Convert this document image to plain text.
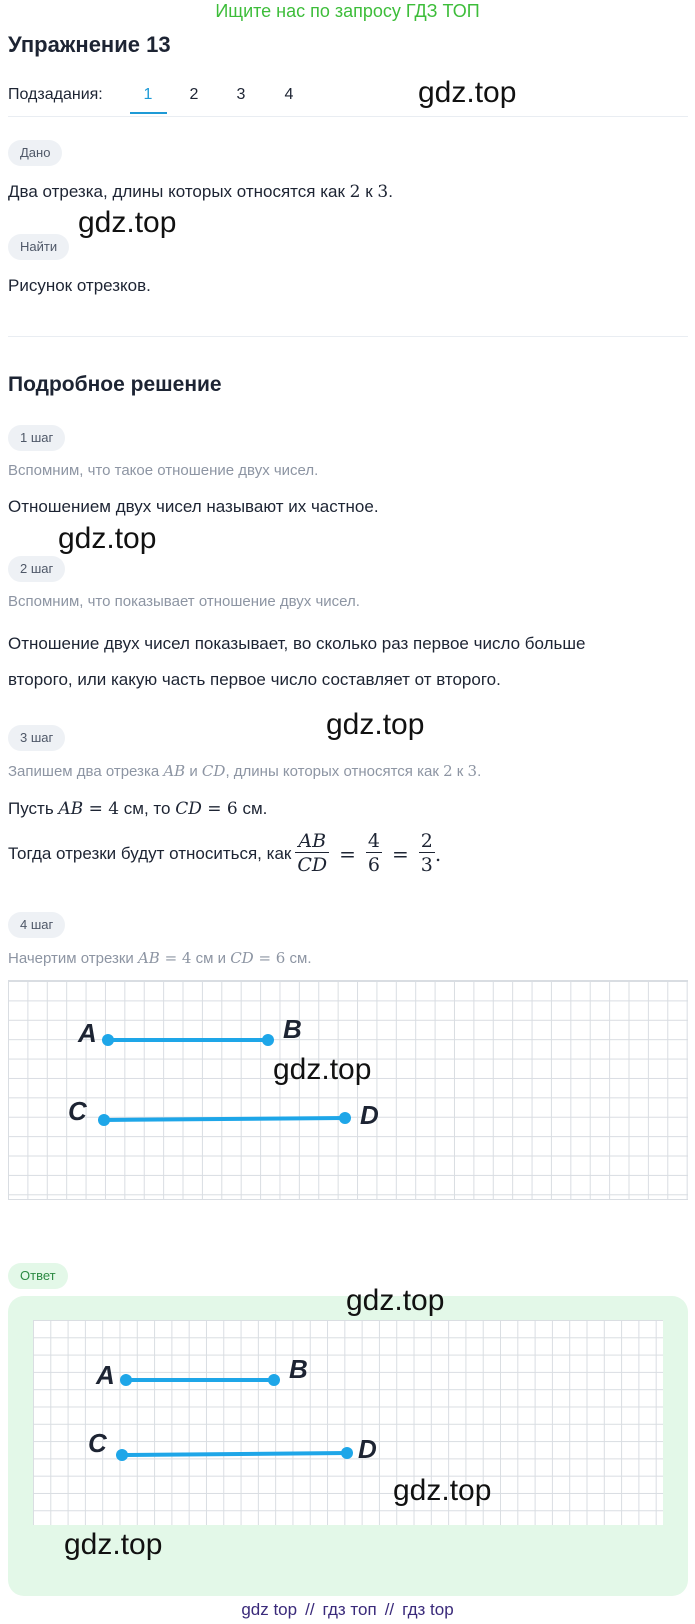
Ищите нас по запросу ГДЗ ТОП
Упражнение 13
Подзадания:	1	2	3	4	gdz.top
Дано
Два отрезка, длины которых относятся как 2 к 3.
gdz.top
Найти
Рисунок отрезков.
Подробное решение
1 шаг
Вспомним, что такое отношение двух чисел.
Отношением двух чисел называют их частное.
gdz.top
2 шаг
Вспомним, что показывает отношение двух чисел.
Отношение двух чисел показывает, во сколько раз первое число больше
второго, или какую часть первое число составляет от второго.
3 шаг	gdz.top
Запишем два отрезка AB и CD, длины которых относятся как 2 к 3.
Пусть AB = 4 см, то CD = 6 см.
Тогда отрезки будут относиться, как $\frac{AB}{CD} = \frac{4}{6} = \frac{2}{3}$ .
4 шаг
Начертим отрезки AB = 4 см и CD = 6 см.
A	B
C	D
gdz.top
Ответ
gdz.top
A	B
C	D
gdz.top
gdz.top
gdz top // гдз топ // гдз top
